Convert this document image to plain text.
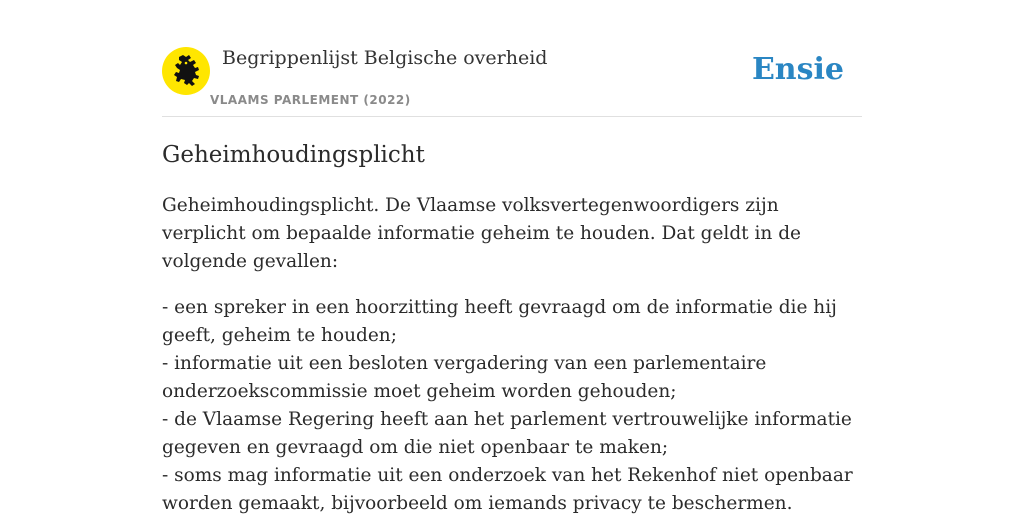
Begrippenlijst Belgische overheid
VLAAMS PARLEMENT (2022)
Ensie
Geheimhoudingsplicht

Geheimhoudingsplicht. De Vlaamse volksvertegenwoordigers zijn verplicht om bepaalde informatie geheim te houden. Dat geldt in de volgende gevallen:

- een spreker in een hoorzitting heeft gevraagd om de informatie die hij geeft, geheim te houden;
- informatie uit een besloten vergadering van een parlementaire onderzoekscommissie moet geheim worden gehouden;
- de Vlaamse Regering heeft aan het parlement vertrouwelijke informatie gegeven en gevraagd om die niet openbaar te maken;
- soms mag informatie uit een onderzoek van het Rekenhof niet openbaar worden gemaakt, bijvoorbeeld om iemands privacy te beschermen.
